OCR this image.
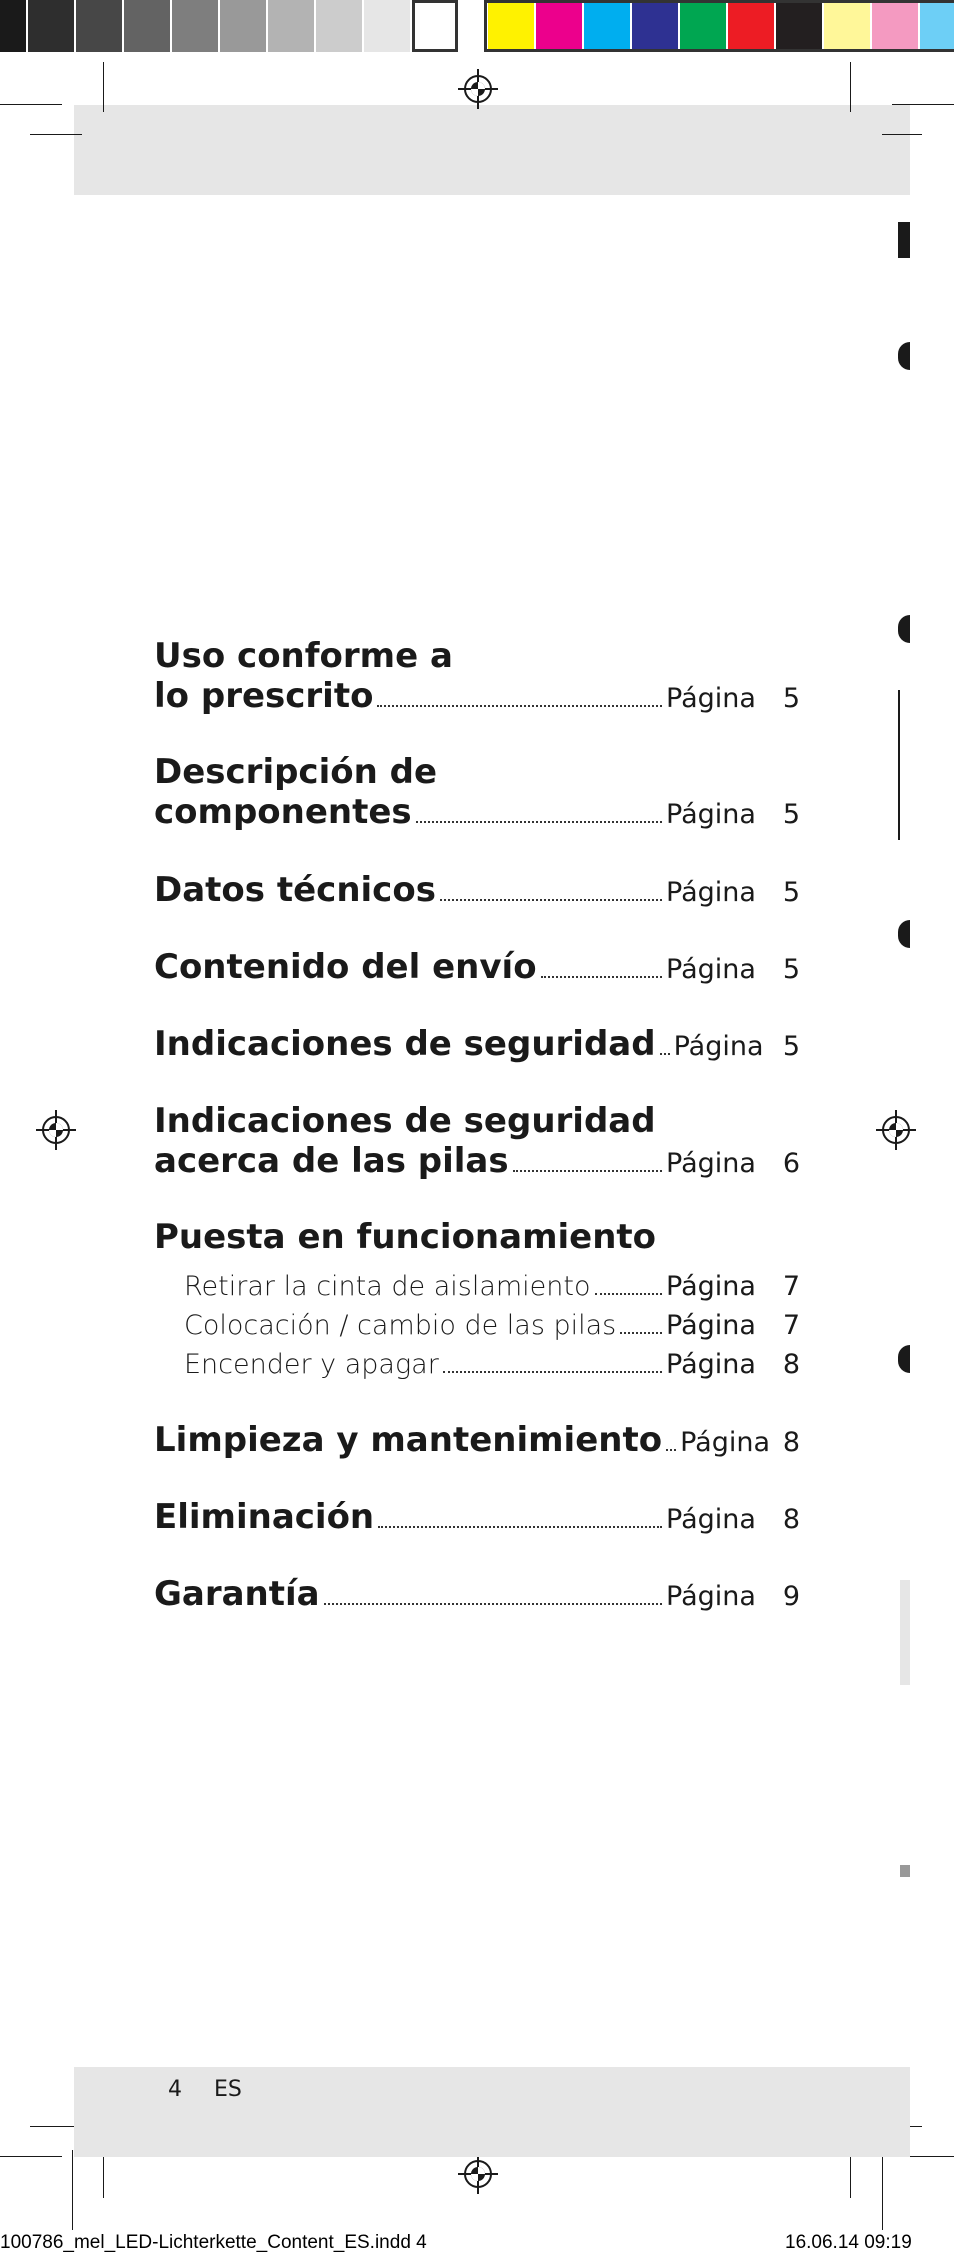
Uso conforme a
lo prescrito	Página 5
Descripción de
componentes	Página 5
Datos técnicos	Página 5
Contenido del envío	Página 5
Indicaciones de seguridad Página 5
Indicaciones de seguridad
acerca de las pilas	Página 6
Puesta en funcionamiento
Retirar la cinta de aislamiento	Página 7
Colocación / cambio de las pilas Página 7
Encender y apagar	Página 8
Limpieza y mantenimiento Página 8
Eliminación	Página 8
Garantía	Página 9
4 ES
100786_mel_LED-Lichterkette_Content_ES.indd 4	16.06.14 09:19
